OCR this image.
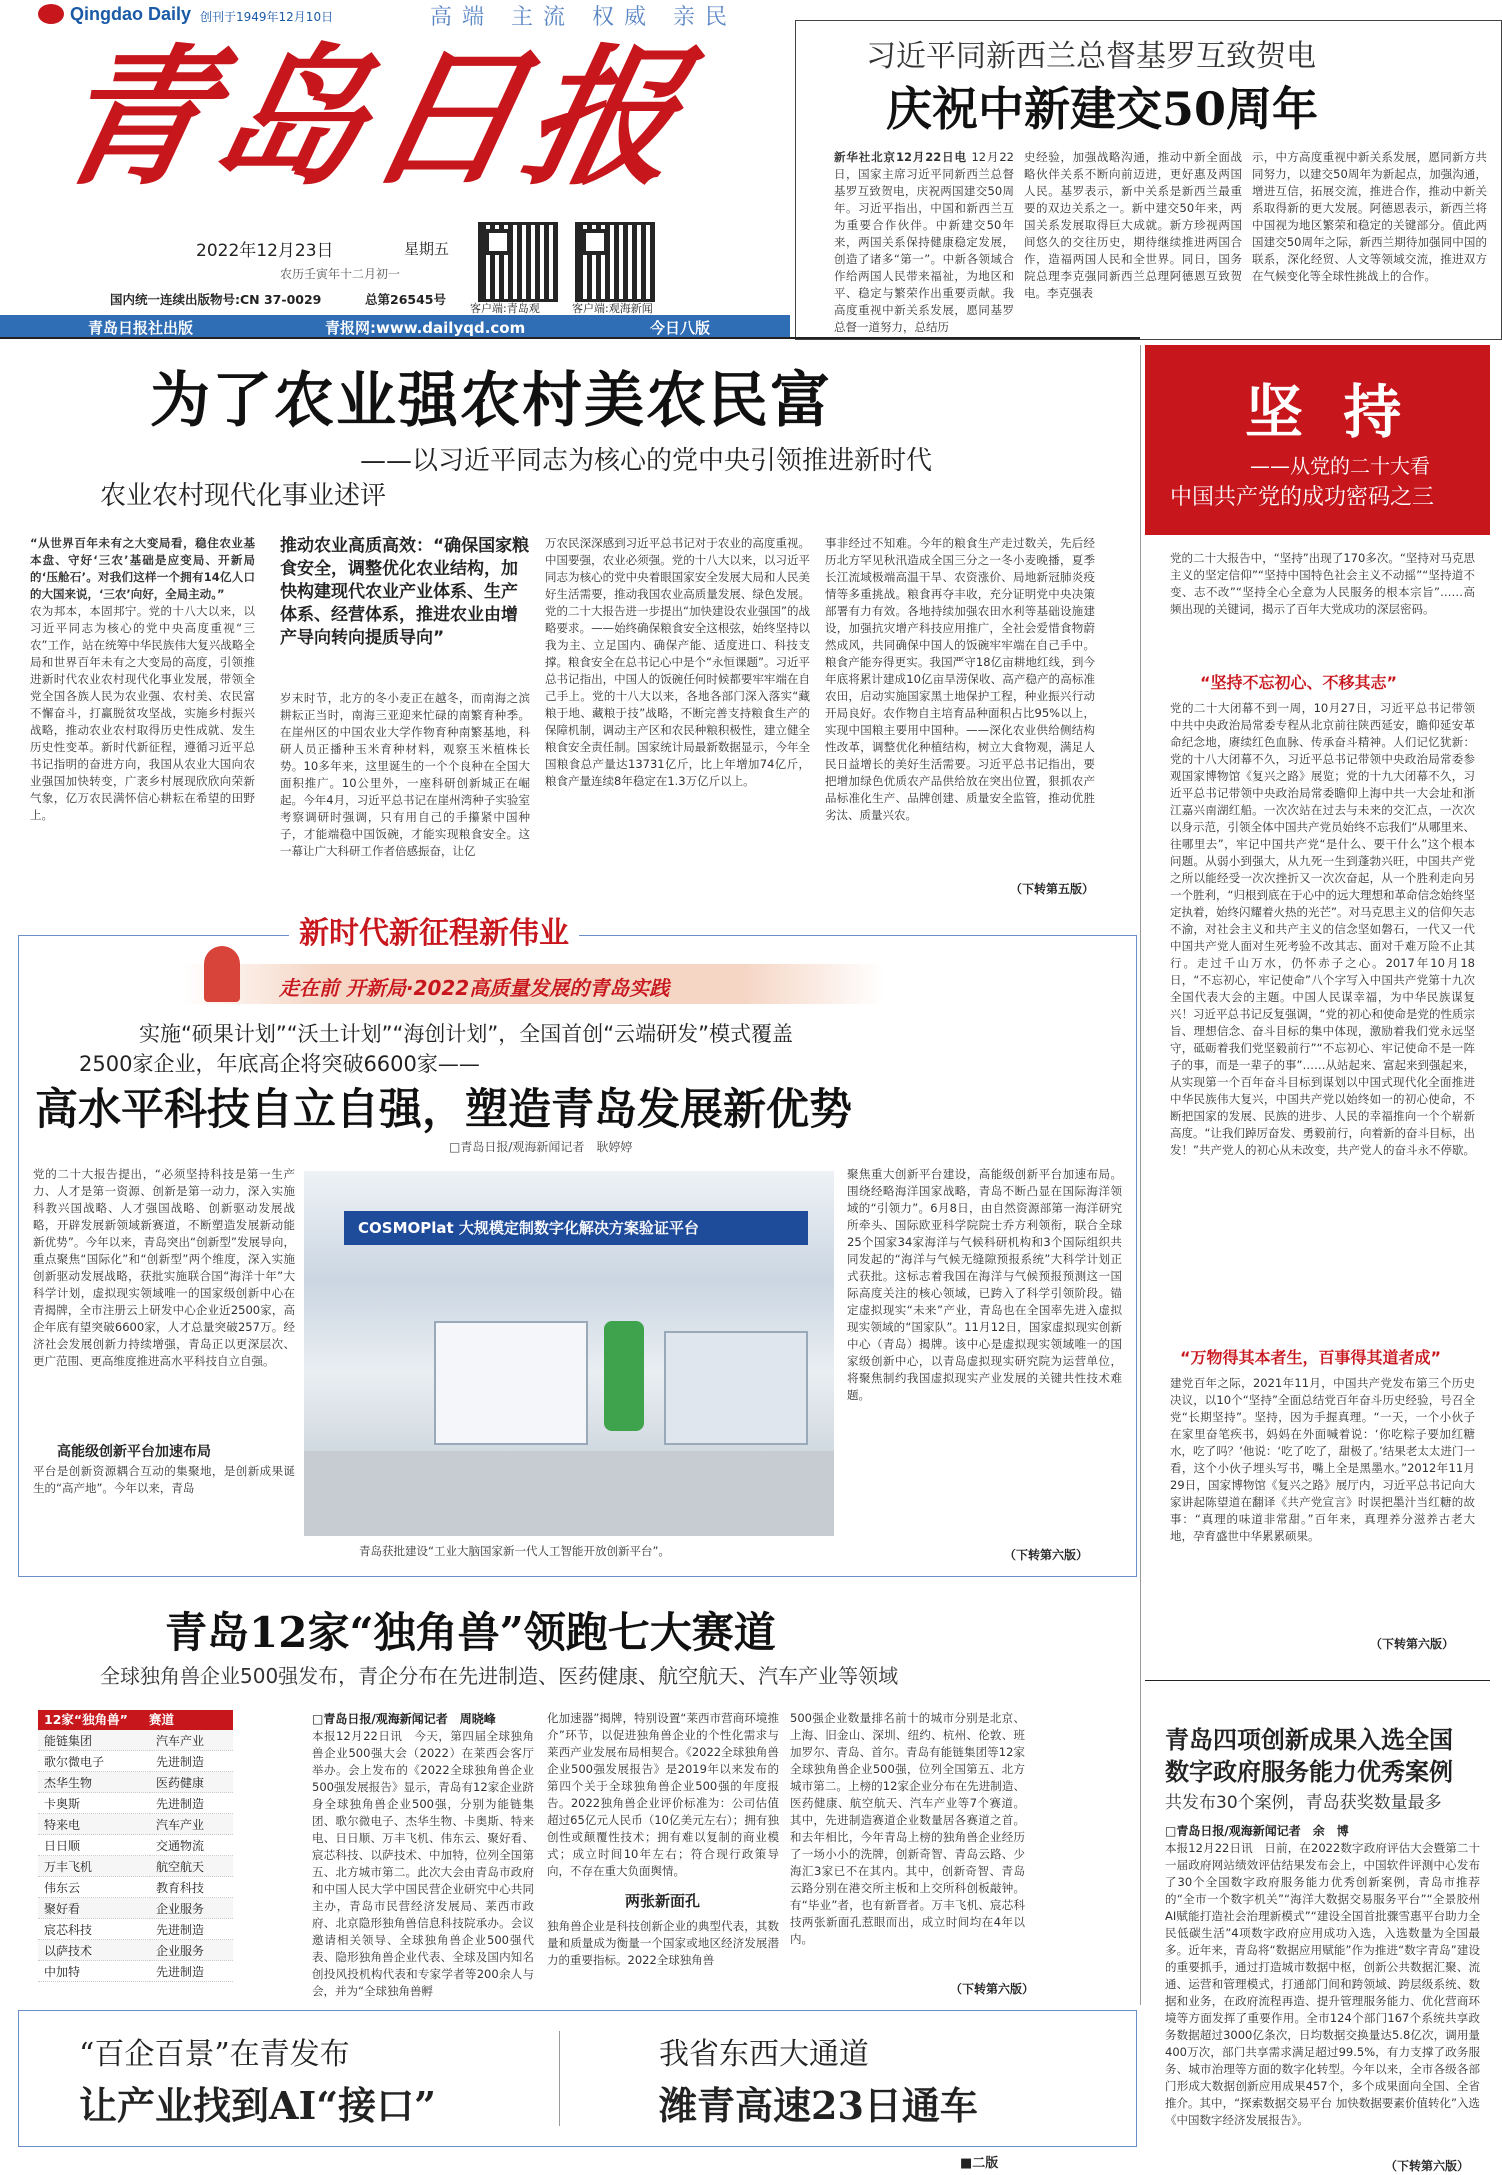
Qingdao Daily 创刊于1949年12月10日	高端 主流 权威 亲民
青岛日报
2022年12月23日	星期五
农历壬寅年十二月初一
国内统一连续出版物号:CN 37-0029	总第26545号
客户端:青岛观	客户端:观海新闻
青岛日报社出版	青报网:www.dailyqd.com	今日八版
习近平同新西兰总督基罗互致贺电
庆祝中新建交50周年
新华社北京12月22日电 12月22日，国家主席习近平同新西兰总督基罗互致贺电，庆祝两国建交50周年。习近平指出，中国和新西兰互为重要合作伙伴。中新建交50年来，两国关系保持健康稳定发展，创造了诸多“第一”。中新各领域合作给两国人民带来福祉，为地区和平、稳定与繁荣作出重要贡献。我高度重视中新关系发展，愿同基罗总督一道努力，总结历
史经验，加强战略沟通，推动中新全面战略伙伴关系不断向前迈进，更好惠及两国人民。基罗表示，新中关系是新西兰最重要的双边关系之一。新中建交50年来，两国关系发展取得巨大成就。新方珍视两国间悠久的交往历史，期待继续推进两国合作，造福两国人民和全世界。同日，国务院总理李克强同新西兰总理阿德恩互致贺电。李克强表
示，中方高度重视中新关系发展，愿同新方共同努力，以建交50周年为新起点，加强沟通，增进互信，拓展交流，推进合作，推动中新关系取得新的更大发展。阿德恩表示，新西兰将中国视为地区繁荣和稳定的关键部分。值此两国建交50周年之际，新西兰期待加强同中国的联系，深化经贸、人文等领域交流，推进双方在气候变化等全球性挑战上的合作。
为了农业强农村美农民富
——以习近平同志为核心的党中央引领推进新时代
农业农村现代化事业述评
“从世界百年未有之大变局看，稳住农业基本盘、守好‘三农’基础是应变局、开新局的‘压舱石’。对我们这样一个拥有14亿人口的大国来说，‘三农’向好，全局主动。”
农为邦本，本固邦宁。党的十八大以来，以习近平同志为核心的党中央高度重视“三农”工作，站在统筹中华民族伟大复兴战略全局和世界百年未有之大变局的高度，引领推进新时代农业农村现代化事业发展，带领全党全国各族人民为农业强、农村美、农民富不懈奋斗，打赢脱贫攻坚战，实施乡村振兴战略，推动农业农村取得历史性成就、发生历史性变革。新时代新征程，遵循习近平总书记指明的奋进方向，我国从农业大国向农业强国加快转变，广袤乡村展现欣欣向荣新气象，亿万农民满怀信心耕耘在希望的田野上。
推动农业高质高效：“确保国家粮食安全，调整优化农业结构，加快构建现代农业产业体系、生产体系、经营体系，推进农业由增产导向转向提质导向”
岁末时节，北方的冬小麦正在越冬，而南海之滨耕耘正当时，南海三亚迎来忙碌的南繁育种季。在崖州区的中国农业大学作物育种南繁基地，科研人员正播种玉米育种材料，观察玉米植株长势。10多年来，这里诞生的一个个良种在全国大面积推广。10公里外，一座科研创新城正在崛起。今年4月，习近平总书记在崖州湾种子实验室考察调研时强调，只有用自己的手攥紧中国种子，才能端稳中国饭碗，才能实现粮食安全。这一幕让广大科研工作者倍感振奋，让亿
万农民深深感到习近平总书记对于农业的高度重视。中国要强，农业必须强。党的十八大以来，以习近平同志为核心的党中央着眼国家安全发展大局和人民美好生活需要，推动我国农业高质量发展、绿色发展。党的二十大报告进一步提出“加快建设农业强国”的战略要求。——始终确保粮食安全这根弦，始终坚持以我为主、立足国内、确保产能、适度进口、科技支撑。粮食安全在总书记心中是个“永恒课题”。习近平总书记指出，中国人的饭碗任何时候都要牢牢端在自己手上。党的十八大以来，各地各部门深入落实“藏粮于地、藏粮于技”战略，不断完善支持粮食生产的保障机制，调动主产区和农民种粮积极性，建立健全粮食安全责任制。国家统计局最新数据显示，今年全国粮食总产量达13731亿斤，比上年增加74亿斤，粮食产量连续8年稳定在1.3万亿斤以上。
事非经过不知难。今年的粮食生产走过数关，先后经历北方罕见秋汛造成全国三分之一冬小麦晚播，夏季长江流域极端高温干旱、农资涨价、局地新冠肺炎疫情等多重挑战。粮食再夺丰收，充分证明党中央决策部署有力有效。各地持续加强农田水利等基础设施建设，加强抗灾增产科技应用推广，全社会爱惜食物蔚然成风，共同确保中国人的饭碗牢牢端在自己手中。粮食产能夯得更实。我国严守18亿亩耕地红线，到今年底将累计建成10亿亩旱涝保收、高产稳产的高标准农田，启动实施国家黑土地保护工程，种业振兴行动开局良好。农作物自主培育品种面积占比95%以上，实现中国粮主要用中国种。——深化农业供给侧结构性改革，调整优化种植结构，树立大食物观，满足人民日益增长的美好生活需要。习近平总书记指出，要把增加绿色优质农产品供给放在突出位置，狠抓农产品标准化生产、品牌创建、质量安全监管，推动优胜劣汰、质量兴农。
（下转第五版）
坚  持
——从党的二十大看
中国共产党的成功密码之三
党的二十大报告中，“坚持”出现了170多次。“坚持对马克思主义的坚定信仰”“坚持中国特色社会主义不动摇”“坚持道不变、志不改”“坚持全心全意为人民服务的根本宗旨”……高频出现的关键词，揭示了百年大党成功的深层密码。
“坚持不忘初心、不移其志”
党的二十大闭幕不到一周，10月27日，习近平总书记带领中共中央政治局常委专程从北京前往陕西延安，瞻仰延安革命纪念地，赓续红色血脉、传承奋斗精神。人们记忆犹新：党的十八大闭幕不久，习近平总书记带领中央政治局常委参观国家博物馆《复兴之路》展览；党的十九大闭幕不久，习近平总书记带领中央政治局常委瞻仰上海中共一大会址和浙江嘉兴南湖红船。一次次站在过去与未来的交汇点，一次次以身示范，引领全体中国共产党员始终不忘我们“从哪里来、往哪里去”，牢记中国共产党“是什么、要干什么”这个根本问题。从弱小到强大，从九死一生到蓬勃兴旺，中国共产党之所以能经受一次次挫折又一次次奋起，从一个胜利走向另一个胜利，“归根到底在于心中的远大理想和革命信念始终坚定执着，始终闪耀着火热的光芒”。对马克思主义的信仰矢志不渝，对社会主义和共产主义的信念坚如磐石，一代又一代中国共产党人面对生死考验不改其志、面对千难万险不止其行。走过千山万水，仍怀赤子之心。2017年10月18日，“不忘初心，牢记使命”八个字写入中国共产党第十九次全国代表大会的主题。中国人民谋幸福，为中华民族谋复兴！习近平总书记反复强调，“党的初心和使命是党的性质宗旨、理想信念、奋斗目标的集中体现，激励着我们党永远坚守，砥砺着我们党坚毅前行”“不忘初心、牢记使命不是一阵子的事，而是一辈子的事”……从站起来、富起来到强起来，从实现第一个百年奋斗目标到谋划以中国式现代化全面推进中华民族伟大复兴，中国共产党以始终如一的初心使命，不断把国家的发展、民族的进步、人民的幸福推向一个个崭新高度。“让我们踔厉奋发、勇毅前行，向着新的奋斗目标，出发！”共产党人的初心从未改变，共产党人的奋斗永不停歇。
“万物得其本者生，百事得其道者成”
建党百年之际，2021年11月，中国共产党发布第三个历史决议，以10个“坚持”全面总结党百年奋斗历史经验，号召全党“长期坚持”。坚持，因为手握真理。“一天，一个小伙子在家里奋笔疾书，妈妈在外面喊着说：‘你吃粽子要加红糖水，吃了吗？’他说：‘吃了吃了，甜极了。’结果老太太进门一看，这个小伙子埋头写书，嘴上全是黑墨水。”2012年11月29日，国家博物馆《复兴之路》展厅内，习近平总书记向大家讲起陈望道在翻译《共产党宣言》时误把墨汁当红糖的故事：“真理的味道非常甜。”百年来，真理养分滋养古老大地，孕育盛世中华累累硕果。
（下转第六版）
新时代新征程新伟业
走在前 开新局·2022高质量发展的青岛实践
实施“硕果计划”“沃土计划”“海创计划”，全国首创“云端研发”模式覆盖
2500家企业，年底高企将突破6600家——
高水平科技自立自强，塑造青岛发展新优势
□青岛日报/观海新闻记者　耿婷婷
党的二十大报告提出，“必须坚持科技是第一生产力、人才是第一资源、创新是第一动力，深入实施科教兴国战略、人才强国战略、创新驱动发展战略，开辟发展新领域新赛道，不断塑造发展新动能新优势”。今年以来，青岛突出“创新型”发展导向，重点聚焦“国际化”和“创新型”两个维度，深入实施创新驱动发展战略，获批实施联合国“海洋十年”大科学计划，虚拟现实领域唯一的国家级创新中心在青揭牌，全市注册云上研发中心企业近2500家，高企年底有望突破6600家，人才总量突破257万。经济社会发展创新力持续增强，青岛正以更深层次、更广范围、更高维度推进高水平科技自立自强。
高能级创新平台加速布局
平台是创新资源耦合互动的集聚地，是创新成果诞生的“高产地”。今年以来，青岛
COSMOPlat 大规模定制数字化解决方案验证平台
青岛获批建设“工业大脑国家新一代人工智能开放创新平台”。
聚焦重大创新平台建设，高能级创新平台加速布局。围绕经略海洋国家战略，青岛不断凸显在国际海洋领域的“引领力”。6月8日，由自然资源部第一海洋研究所牵头、国际欧亚科学院院士乔方利领衔，联合全球25个国家34家海洋与气候科研机构和3个国际组织共同发起的“海洋与气候无缝隙预报系统”大科学计划正式获批。这标志着我国在海洋与气候预报预测这一国际高度关注的核心领域，已跨入了科学引领阶段。锚定虚拟现实“未来”产业，青岛也在全国率先进入虚拟现实领域的“国家队”。11月12日，国家虚拟现实创新中心（青岛）揭牌。该中心是虚拟现实领域唯一的国家级创新中心，以青岛虚拟现实研究院为运营单位，将聚焦制约我国虚拟现实产业发展的关键共性技术难题。
（下转第六版）
青岛12家“独角兽”领跑七大赛道
全球独角兽企业500强发布，青企分布在先进制造、医药健康、航空航天、汽车产业等领域
12家“独角兽” 赛道
能链集团	汽车产业
歌尔微电子	先进制造
杰华生物	医药健康
卡奥斯	先进制造
特来电	汽车产业
日日顺	交通物流
万丰飞机	航空航天
伟东云	教育科技
聚好看	企业服务
宸芯科技	先进制造
以萨技术	企业服务
中加特	先进制造
□青岛日报/观海新闻记者　周晓峰
本报12月22日讯　今天，第四届全球独角兽企业500强大会（2022）在莱西会客厅举办。会上发布的《2022全球独角兽企业500强发展报告》显示，青岛有12家企业跻身全球独角兽企业500强，分别为能链集团、歌尔微电子、杰华生物、卡奥斯、特来电、日日顺、万丰飞机、伟东云、聚好看、宸芯科技、以萨技术、中加特，位列全国第五、北方城市第二。此次大会由青岛市政府和中国人民大学中国民营企业研究中心共同主办，青岛市民营经济发展局、莱西市政府、北京隐形独角兽信息科技院承办。会议邀请相关领导、全球独角兽企业500强代表、隐形独角兽企业代表、全球及国内知名创投风投机构代表和专家学者等200余人与会，并为“全球独角兽孵
化加速器”揭牌，特别设置“莱西市营商环境推介”环节，以促进独角兽企业的个性化需求与莱西产业发展布局相契合。《2022全球独角兽企业500强发展报告》是2019年以来发布的第四个关于全球独角兽企业500强的年度报告。2022独角兽企业评价标准为：公司估值超过65亿元人民币（10亿美元左右）；拥有独创性或颠覆性技术；拥有难以复制的商业模式；成立时间10年左右；符合现行政策导向，不存在重大负面舆情。
两张新面孔
独角兽企业是科技创新企业的典型代表，其数量和质量成为衡量一个国家或地区经济发展潜力的重要指标。2022全球独角兽
500强企业数量排名前十的城市分别是北京、上海、旧金山、深圳、纽约、杭州、伦敦、班加罗尔、青岛、首尔。青岛有能链集团等12家全球独角兽企业500强，位列全国第五、北方城市第二。上榜的12家企业分布在先进制造、医药健康、航空航天、汽车产业等7个赛道。其中，先进制造赛道企业数量居各赛道之首。和去年相比，今年青岛上榜的独角兽企业经历了一场小小的洗牌，创新奇智、青岛云路、少海汇3家已不在其内。其中，创新奇智、青岛云路分别在港交所主板和上交所科创板敲钟。有“毕业”者，也有新晋者。万丰飞机、宸芯科技两张新面孔惹眼而出，成立时间均在4年以内。
（下转第六版）
青岛四项创新成果入选全国
数字政府服务能力优秀案例
共发布30个案例，青岛获奖数量最多
□青岛日报/观海新闻记者　余　博
本报12月22日讯　日前，在2022数字政府评估大会暨第二十一届政府网站绩效评估结果发布会上，中国软件评测中心发布了30个全国数字政府服务能力优秀创新案例，青岛市推荐的“全市一个数字机关”“海洋大数据交易服务平台”“全景胶州AI赋能打造社会治理新模式”“建设全国首批骤雪惠平台助力全民低碳生活”4项数字政府应用成功入选，入选数量为全国最多。近年来，青岛将“数据应用赋能”作为推进“数字青岛”建设的重要抓手，通过打造城市数据中枢，创新公共数据汇聚、流通、运营和管理模式，打通部门间和跨领域、跨层级系统、数据和业务，在政府流程再造、提升管理服务能力、优化营商环境等方面发挥了重要作用。全市124个部门167个系统共享政务数据超过3000亿条次，日均数据交换量达5.8亿次，调用量400万次，部门共享需求满足超过99.5%，有力支撑了政务服务、城市治理等方面的数字化转型。今年以来，全市各级各部门形成大数据创新应用成果457个，多个成果面向全国、全省推介。其中，“探索数据交易平台 加快数据要素价值转化”入选《中国数字经济发展报告》。
（下转第六版）
“百企百景”在青发布
让产业找到AI“接口”
我省东西大通道
潍青高速23日通车
■二版
